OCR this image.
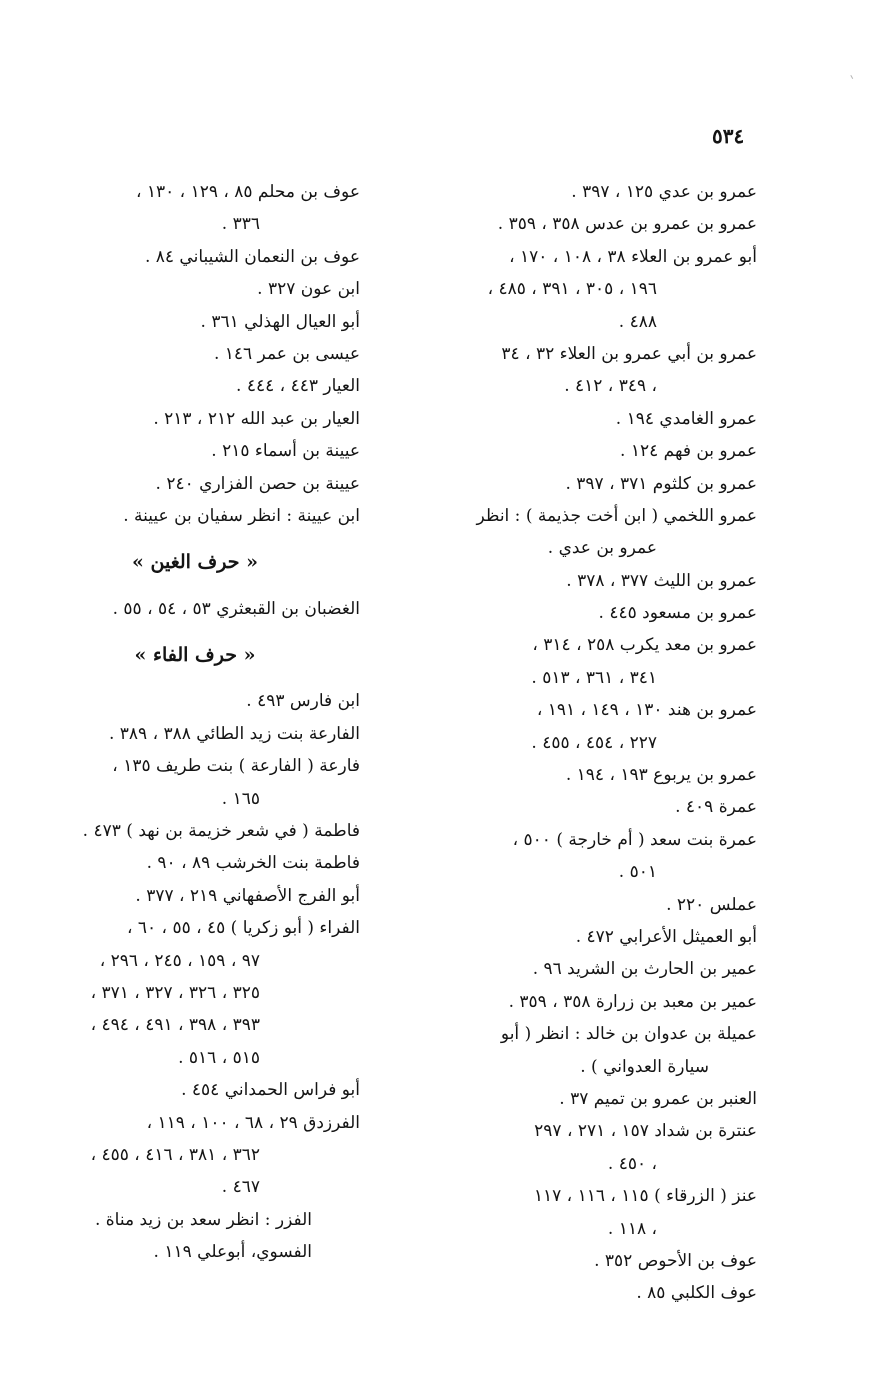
٥٣٤
عمرو بن عدي ١٢٥ ، ٣٩٧ .
عمرو بن عمرو بن عدس ٣٥٨ ، ٣٥٩ .
أبو عمرو بن العلاء ٣٨ ، ١٠٨ ، ١٧٠ ،
١٩٦ ، ٣٠٥ ، ٣٩١ ، ٤٨٥ ،
٤٨٨ .
عمرو بن أبي عمرو بن العلاء ٣٢ ، ٣٤
، ٣٤٩ ، ٤١٢ .
عمرو الغامدي ١٩٤ .
عمرو بن فهم ١٢٤ .
عمرو بن كلثوم ٣٧١ ، ٣٩٧ .
عمرو اللخمي ( ابن أخت جذيمة ) : انظر
عمرو بن عدي .
عمرو بن الليث ٣٧٧ ، ٣٧٨ .
عمرو بن مسعود ٤٤٥ .
عمرو بن معد يكرب ٢٥٨ ، ٣١٤ ،
٣٤١ ، ٣٦١ ، ٥١٣ .
عمرو بن هند ١٣٠ ، ١٤٩ ، ١٩١ ،
٢٢٧ ، ٤٥٤ ، ٤٥٥ .
عمرو بن يربوع ١٩٣ ، ١٩٤ .
عمرة ٤٠٩ .
عمرة بنت سعد ( أم خارجة ) ٥٠٠ ،
٥٠١ .
عملس ٢٢٠ .
أبو العميثل الأعرابي ٤٧٢ .
عمير بن الحارث بن الشريد ٩٦ .
عمير بن معبد بن زرارة ٣٥٨ ، ٣٥٩ .
عميلة بن عدوان بن خالد : انظر ( أبو
سيارة العدواني ) .
العنبر بن عمرو بن تميم ٣٧ .
عنترة بن شداد ١٥٧ ، ٢٧١ ، ٢٩٧
، ٤٥٠ .
عنز ( الزرقاء ) ١١٥ ، ١١٦ ، ١١٧
، ١١٨ .
عوف بن الأحوص ٣٥٢ .
عوف الكلبي ٨٥ .
عوف بن محلم ٨٥ ، ١٢٩ ، ١٣٠ ،
٣٣٦ .
عوف بن النعمان الشيباني ٨٤ .
ابن عون ٣٢٧ .
أبو العيال الهذلي ٣٦١ .
عيسى بن عمر ١٤٦ .
العيار ٤٤٣ ، ٤٤٤ .
العيار بن عبد الله ٢١٢ ، ٢١٣ .
عيينة بن أسماء ٢١٥ .
عيينة بن حصن الفزاري ٢٤٠ .
ابن عيينة : انظر سفيان بن عيينة .
« حرف الغين »
الغضبان بن القبعثري ٥٣ ، ٥٤ ، ٥٥ .
« حرف الفاء »
ابن فارس ٤٩٣ .
الفارعة بنت زيد الطائي ٣٨٨ ، ٣٨٩ .
فارعة ( الفارعة ) بنت طريف ١٣٥ ،
١٦٥ .
فاطمة ( في شعر خزيمة بن نهد ) ٤٧٣ .
فاطمة بنت الخرشب ٨٩ ، ٩٠ .
أبو الفرج الأصفهاني ٢١٩ ، ٣٧٧ .
الفراء ( أبو زكريا ) ٤٥ ، ٥٥ ، ٦٠ ،
٩٧ ، ١٥٩ ، ٢٤٥ ، ٢٩٦ ،
٣٢٥ ، ٣٢٦ ، ٣٢٧ ، ٣٧١ ،
٣٩٣ ، ٣٩٨ ، ٤٩١ ، ٤٩٤ ،
٥١٥ ، ٥١٦ .
أبو فراس الحمداني ٤٥٤ .
الفرزدق ٢٩ ، ٦٨ ، ١٠٠ ، ١١٩ ،
٣٦٢ ، ٣٨١ ، ٤١٦ ، ٤٥٥ ،
٤٦٧ .
الفزر : انظر سعد بن زيد مناة .
الفسوي، أبوعلي ١١٩ .
